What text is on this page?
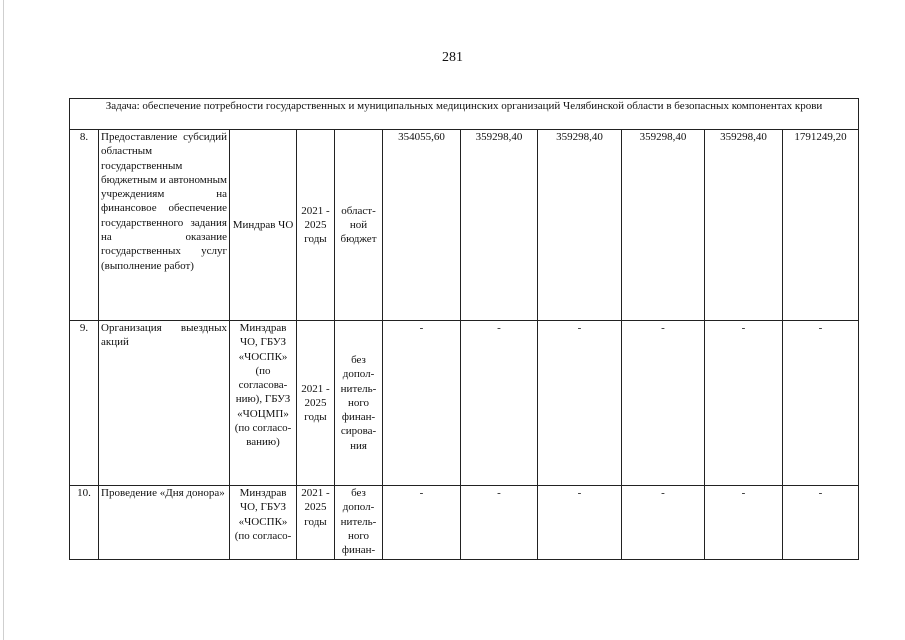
281
Задача: обеспечение потребности государственных и муниципальных медицинских организаций Челябинской области в безопасных компонентах крови										
8.	Предоставление субсидий областным государственным бюджетным и автономным учреждениям на финансовое обеспечение государственного задания на оказание государственных услуг (выполнение работ)	Миндрав ЧО	2021 - 2025 годы	област-ной бюджет	354055,60	359298,40	359298,40	359298,40	359298,40	1791249,20
9.	Организация выездных акций	Минздрав ЧО, ГБУЗ «ЧОСПК» (по согласова-нию), ГБУЗ «ЧОЦМП» (по согласо-ванию)	2021 - 2025 годы	без допол-нитель-ного финан-сирова-ния	-	-	-	-	-	-
10.	Проведение «Дня донора»	Минздрав ЧО, ГБУЗ «ЧОСПК» (по согласо-	2021 - 2025 годы	без допол-нитель-ного финан-	-	-	-	-	-	-
